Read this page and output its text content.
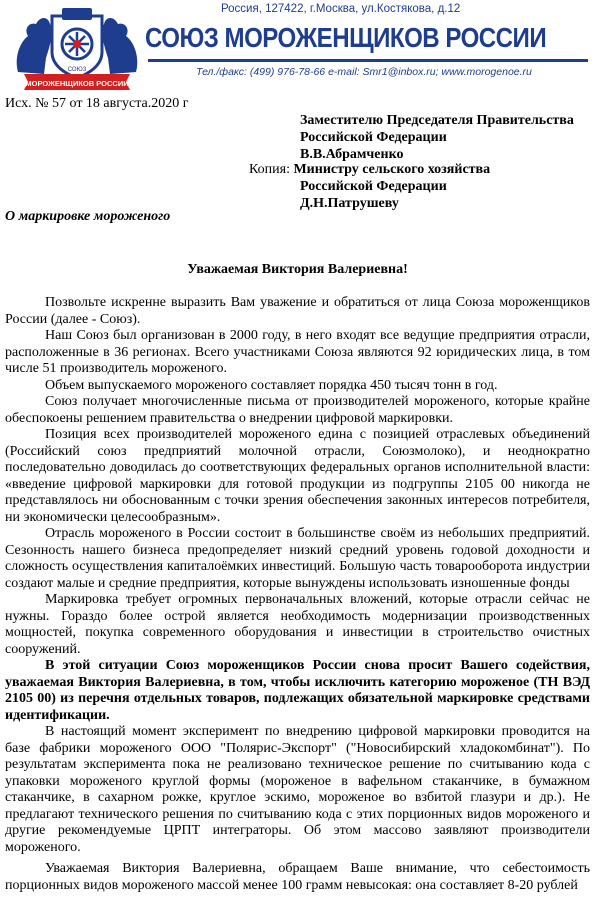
СОЮЗ
МОРОЖЕНЩИКОВ РОССИИ
Россия, 127422, г.Москва, ул.Костякова, д.12
СОЮЗ МОРОЖЕНЩИКОВ РОССИИ
Тел./факс: (499) 976-78-66 e-mail: Smr1@inbox.ru; www.morogenoe.ru
Исх. № 57 от 18 августа.2020 г
Заместителю Председателя Правительства
Российской Федерации
В.В.Абрамченко
Копия: Министру сельского хозяйства
Российской Федерации
Д.Н.Патрушеву
О маркировке мороженого
Уважаемая Виктория Валериевна!

Позвольте искренне выразить Вам уважение и обратиться от лица Союза мороженщиков России (далее - Союз).

Наш Союз был организован в 2000 году, в него входят все ведущие предприятия отрасли, расположенные в 36 регионах. Всего участниками Союза являются 92 юридических лица, в том числе 51 производитель мороженого.

Объем выпускаемого мороженого составляет порядка 450 тысяч тонн в год.

Союз получает многочисленные письма от производителей мороженого, которые крайне обеспокоены решением правительства о внедрении цифровой маркировки.

Позиция всех производителей мороженого едина с позицией отраслевых объединений (Российский союз предприятий молочной отрасли, Союзмолоко), и неоднократно последовательно доводилась до соответствующих федеральных органов исполнительной власти: «введение цифровой маркировки для готовой продукции из подгруппы 2105 00 никогда не представлялось ни обоснованным с точки зрения обеспечения законных интересов потребителя, ни экономически целесообразным».

Отрасль мороженого в России состоит в большинстве своём из небольших предприятий. Сезонность нашего бизнеса предопределяет низкий средний уровень годовой доходности и сложность осуществления капиталоёмких инвестиций. Большую часть товарооборота индустрии создают малые и средние предприятия, которые вынуждены использовать изношенные фонды

Маркировка требует огромных первоначальных вложений, которые отрасли сейчас не нужны. Гораздо более острой является необходимость модернизации производственных мощностей, покупка современного оборудования и инвестиции в строительство очистных сооружений.

В этой ситуации Союз мороженщиков России снова просит Вашего содействия, уважаемая Виктория Валериевна, в том, чтобы исключить категорию мороженое (ТН ВЭД 2105 00) из перечня отдельных товаров, подлежащих обязательной маркировке средствами идентификации.

В настоящий момент эксперимент по внедрению цифровой маркировки проводится на базе фабрики мороженого ООО "Полярис-Экспорт" ("Новосибирский хладокомбинат"). По результатам эксперимента пока не реализовано техническое решение по считыванию кода с упаковки мороженого круглой формы (мороженое в вафельном стаканчике, в бумажном стаканчике, в сахарном рожке, круглое эскимо, мороженое во взбитой глазури и др.). Не предлагают технического решения по считыванию кода с этих порционных видов мороженого и другие рекомендуемые ЦРПТ интеграторы. Об этом массово заявляют производители мороженого.

Уважаемая Виктория Валериевна, обращаем Ваше внимание, что себестоимость порционных видов мороженого массой менее 100 грамм невысокая: она составляет 8-20 рублей
